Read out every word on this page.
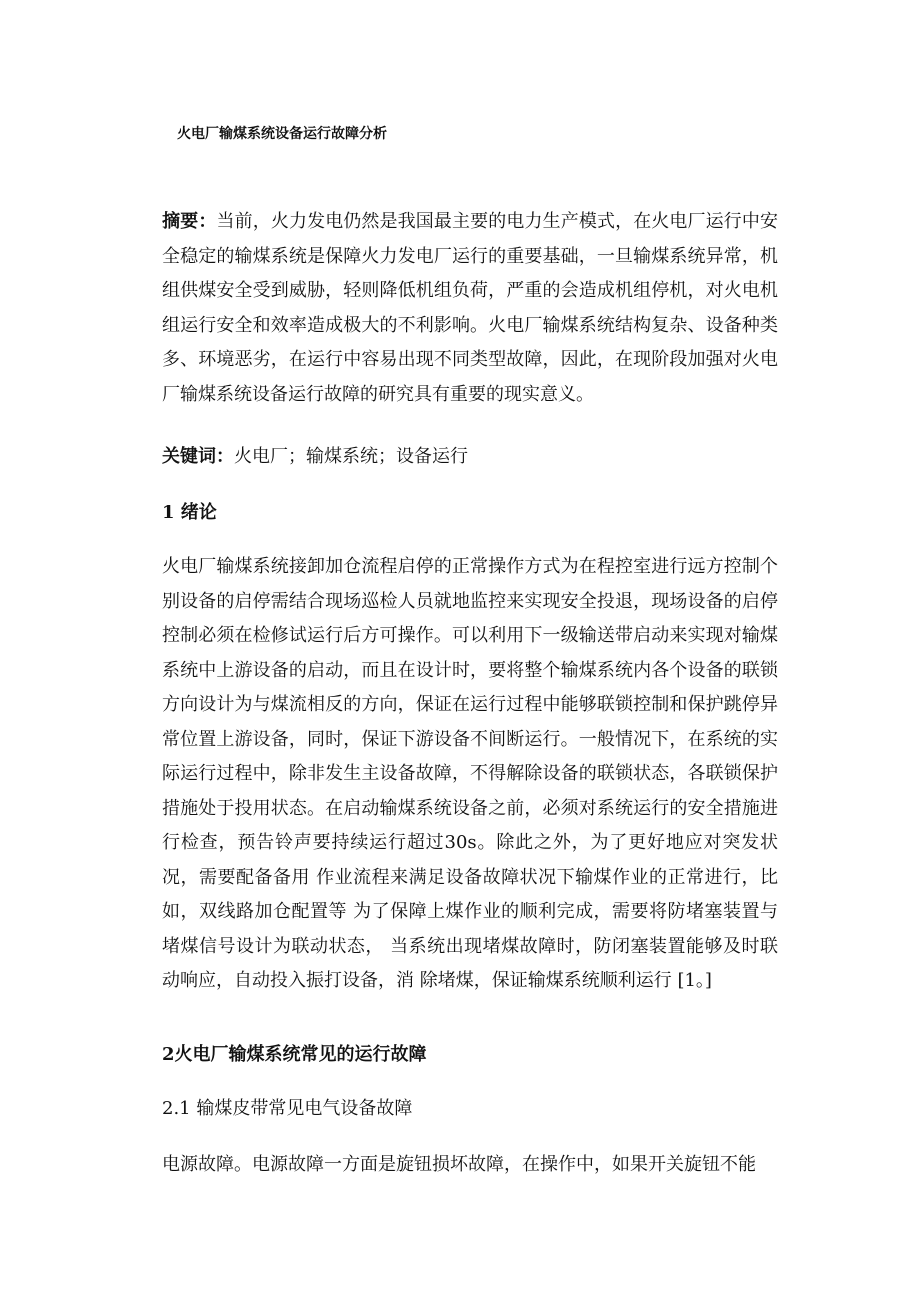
火电厂输煤系统设备运行故障分析

摘要：当前，火力发电仍然是我国最主要的电力生产模式，在火电厂运行中安全稳定的输煤系统是保障火力发电厂运行的重要基础，一旦输煤系统异常，机组供煤安全受到威胁，轻则降低机组负荷，严重的会造成机组停机，对火电机组运行安全和效率造成极大的不利影响。火电厂输煤系统结构复杂、设备种类多、环境恶劣，在运行中容易出现不同类型故障，因此，在现阶段加强对火电厂输煤系统设备运行故障的研究具有重要的现实意义。

关键词：火电厂；输煤系统；设备运行

1 绪论

火电厂输煤系统接卸加仓流程启停的正常操作方式为在程控室进行远方控制个别设备的启停需结合现场巡检人员就地监控来实现安全投退，现场设备的启停控制必须在检修试运行后方可操作。可以利用下一级输送带启动来实现对输煤系统中上游设备的启动，而且在设计时，要将整个输煤系统内各个设备的联锁方向设计为与煤流相反的方向，保证在运行过程中能够联锁控制和保护跳停异常位置上游设备，同时，保证下游设备不间断运行。一般情况下，在系统的实际运行过程中，除非发生主设备故障，不得解除设备的联锁状态，各联锁保护措施处于投用状态。在启动输煤系统设备之前，必须对系统运行的安全措施进行检查，预告铃声要持续运行超过30s。除此之外，为了更好地应对突发状况，需要配备备用 作业流程来满足设备故障状况下输煤作业的正常进行，比如，双线路加仓配置等 为了保障上煤作业的顺利完成，需要将防堵塞装置与堵煤信号设计为联动状态， 当系统出现堵煤故障时，防闭塞装置能够及时联动响应，自动投入振打设备，消 除堵煤，保证输煤系统顺利运行 [1。]

2火电厂输煤系统常见的运行故障

2.1 输煤皮带常见电气设备故障

电源故障。电源故障一方面是旋钮损坏故障，在操作中，如果开关旋钮不能
